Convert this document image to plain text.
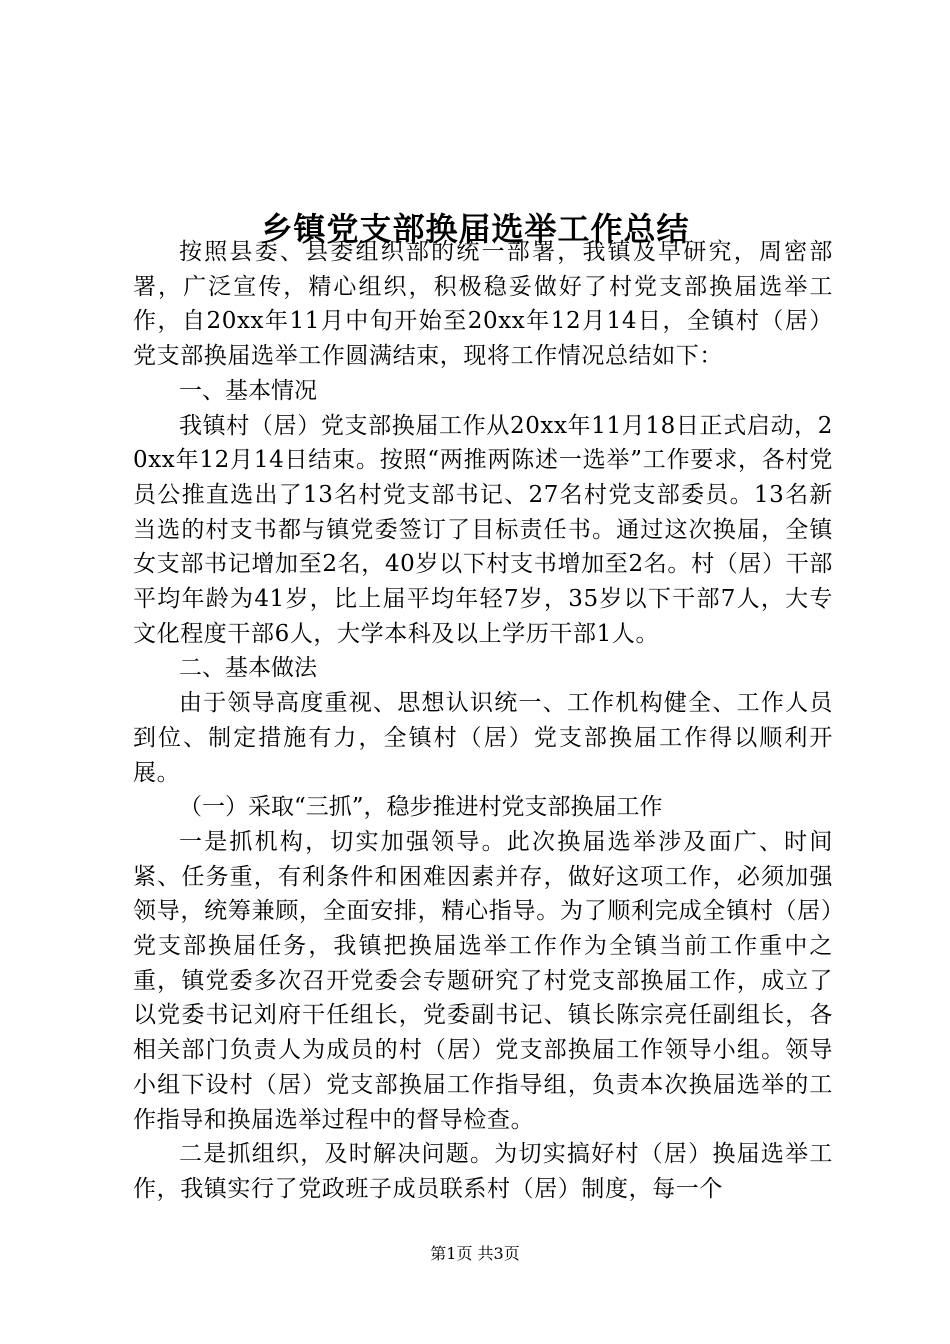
乡镇党支部换届选举工作总结

按照县委、县委组织部的统一部署，我镇及早研究，周密部署，广泛宣传，精心组织，积极稳妥做好了村党支部换届选举工作，自20xx年11月中旬开始至20xx年12月14日，全镇村（居）党支部换届选举工作圆满结束，现将工作情况总结如下：

一、基本情况

我镇村（居）党支部换届工作从20xx年11月18日正式启动，20xx年12月14日结束。按照“两推两陈述一选举”工作要求，各村党员公推直选出了13名村党支部书记、27名村党支部委员。13名新当选的村支书都与镇党委签订了目标责任书。通过这次换届，全镇女支部书记增加至2名，40岁以下村支书增加至2名。村（居）干部平均年龄为41岁，比上届平均年轻7岁，35岁以下干部7人，大专文化程度干部6人，大学本科及以上学历干部1人。

二、基本做法

由于领导高度重视、思想认识统一、工作机构健全、工作人员到位、制定措施有力，全镇村（居）党支部换届工作得以顺利开展。

（一）采取“三抓”，稳步推进村党支部换届工作

一是抓机构，切实加强领导。此次换届选举涉及面广、时间紧、任务重，有利条件和困难因素并存，做好这项工作，必须加强领导，统筹兼顾，全面安排，精心指导。为了顺利完成全镇村（居）党支部换届任务，我镇把换届选举工作作为全镇当前工作重中之重，镇党委多次召开党委会专题研究了村党支部换届工作，成立了以党委书记刘府干任组长，党委副书记、镇长陈宗亮任副组长，各相关部门负责人为成员的村（居）党支部换届工作领导小组。领导小组下设村（居）党支部换届工作指导组，负责本次换届选举的工作指导和换届选举过程中的督导检查。

二是抓组织，及时解决问题。为切实搞好村（居）换届选举工作，我镇实行了党政班子成员联系村（居）制度，每一个

第1页 共3页
